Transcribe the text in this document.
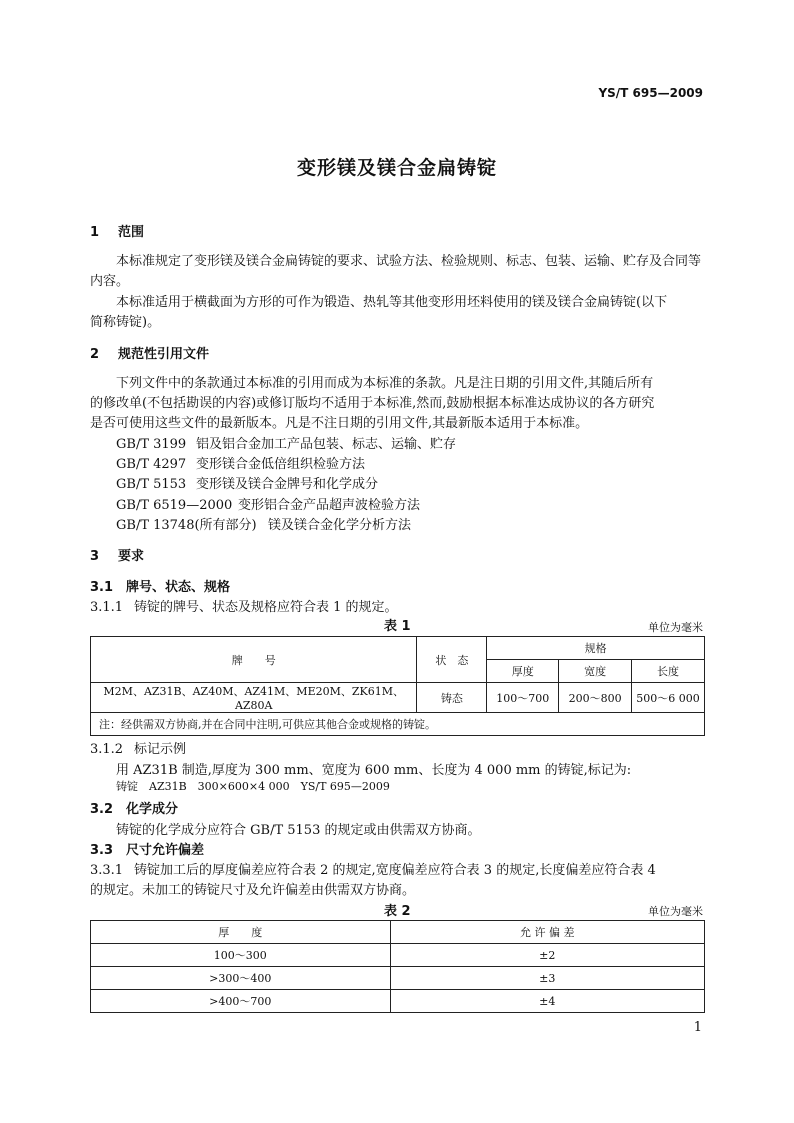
YS/T 695—2009
变形镁及镁合金扁铸锭
1 范围
本标准规定了变形镁及镁合金扁铸锭的要求、试验方法、检验规则、标志、包装、运输、贮存及合同等
内容。
本标准适用于横截面为方形的可作为锻造、热轧等其他变形用坯料使用的镁及镁合金扁铸锭(以下
简称铸锭)。
2 规范性引用文件
下列文件中的条款通过本标准的引用而成为本标准的条款。凡是注日期的引用文件,其随后所有
的修改单(不包括勘误的内容)或修订版均不适用于本标准,然而,鼓励根据本标准达成协议的各方研究
是否可使用这些文件的最新版本。凡是不注日期的引用文件,其最新版本适用于本标准。
GB/T 3199 铝及铝合金加工产品包装、标志、运输、贮存
GB/T 4297 变形镁合金低倍组织检验方法
GB/T 5153 变形镁及镁合金牌号和化学成分
GB/T 6519—2000 变形铝合金产品超声波检验方法
GB/T 13748(所有部分) 镁及镁合金化学分析方法
3 要求
3.1 牌号、状态、规格
3.1.1 铸锭的牌号、状态及规格应符合表 1 的规定。
表 1	单位为毫米
牌　　号	状　态	规格		
		厚度	宽度	长度
M2M、AZ31B、AZ40M、AZ41M、ME20M、ZK61M、AZ80A	铸态	100～700	200～800	500～6 000
注：经供需双方协商,并在合同中注明,可供应其他合金或规格的铸锭。				
3.1.2 标记示例
用 AZ31B 制造,厚度为 300 mm、宽度为 600 mm、长度为 4 000 mm 的铸锭,标记为:
铸锭　AZ31B　300×600×4 000　YS/T 695—2009
3.2 化学成分
铸锭的化学成分应符合 GB/T 5153 的规定或由供需双方协商。
3.3 尺寸允许偏差
3.3.1 铸锭加工后的厚度偏差应符合表 2 的规定,宽度偏差应符合表 3 的规定,长度偏差应符合表 4
的规定。未加工的铸锭尺寸及允许偏差由供需双方协商。
表 2	单位为毫米
厚　　度	允 许 偏 差
100～300	±2
>300～400	±3
>400～700	±4
1
